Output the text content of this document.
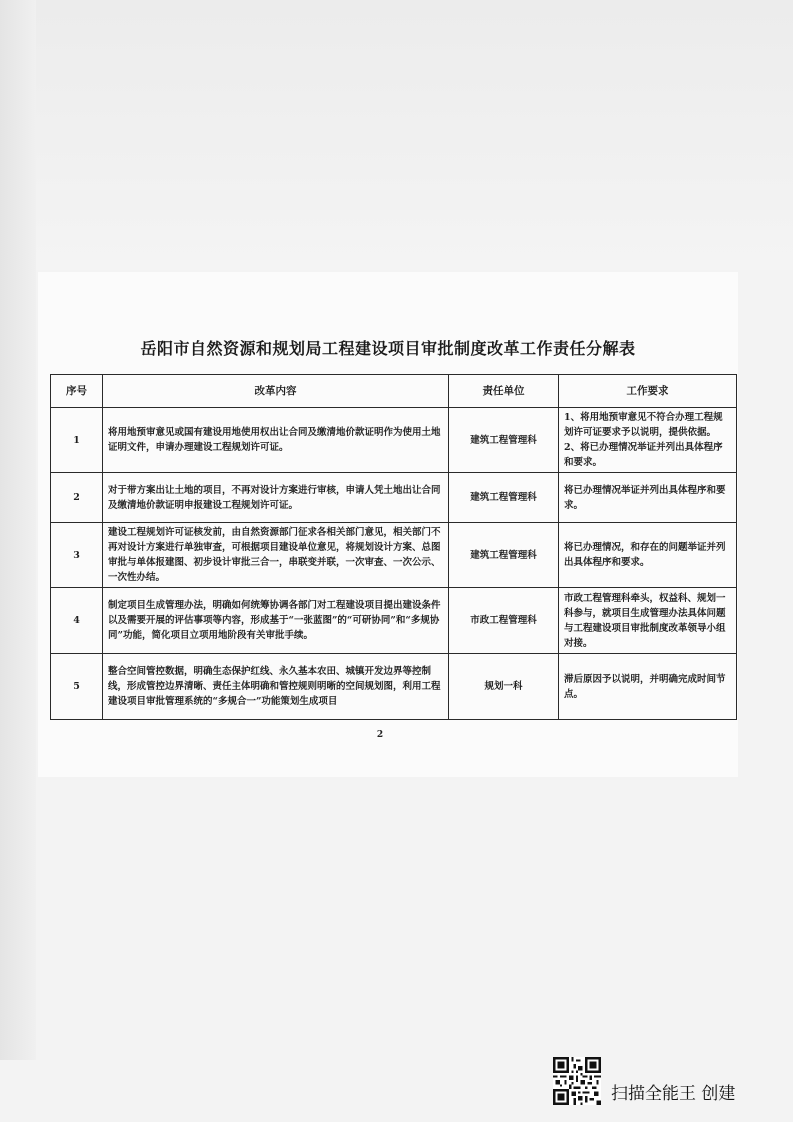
岳阳市自然资源和规划局工程建设项目审批制度改革工作责任分解表
序号	改革内容	责任单位	工作要求
1	将用地预审意见或国有建设用地使用权出让合同及缴清地价款证明作为使用土地证明文件，申请办理建设工程规划许可证。	建筑工程管理科	1、将用地预审意见不符合办理工程规划许可证要求予以说明，提供依据。
2、将已办理情况举证并列出具体程序和要求。

2	对于带方案出让土地的项目，不再对设计方案进行审核，申请人凭土地出让合同及缴清地价款证明申报建设工程规划许可证。	建筑工程管理科	将已办理情况举证并列出具体程序和要求。
3	建设工程规划许可证核发前，由自然资源部门征求各相关部门意见，相关部门不再对设计方案进行单独审查，可根据项目建设单位意见，将规划设计方案、总图审批与单体报建图、初步设计审批三合一，串联变并联，一次审查、一次公示、一次性办结。	建筑工程管理科	将已办理情况，和存在的问题举证并列出具体程序和要求。
4	制定项目生成管理办法，明确如何统筹协调各部门对工程建设项目提出建设条件以及需要开展的评估事项等内容，形成基于“一张蓝图”的“可研协同”和“多规协同”功能，简化项目立项用地阶段有关审批手续。	市政工程管理科	市政工程管理科牵头，权益科、规划一科参与，就项目生成管理办法具体问题与工程建设项目审批制度改革领导小组对接。
5	整合空间管控数据，明确生态保护红线、永久基本农田、城镇开发边界等控制线，形成管控边界清晰、责任主体明确和管控规则明晰的空间规划图，利用工程建设项目审批管理系统的“多规合一”功能策划生成项目	规划一科	滞后原因予以说明，并明确完成时间节点。
2
扫描全能王 创建
